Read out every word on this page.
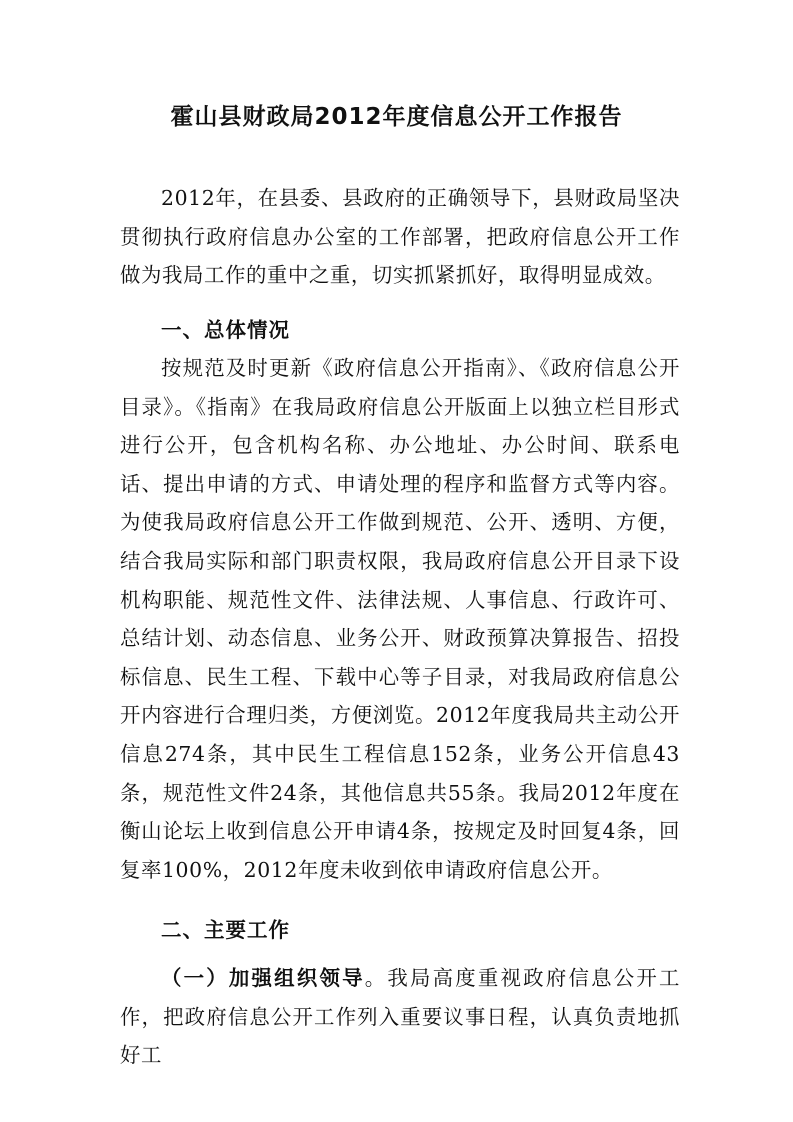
霍山县财政局2012年度信息公开工作报告

2012年，在县委、县政府的正确领导下，县财政局坚决贯彻执行政府信息办公室的工作部署，把政府信息公开工作做为我局工作的重中之重，切实抓紧抓好，取得明显成效。

一、总体情况

按规范及时更新《政府信息公开指南》、《政府信息公开目录》。《指南》在我局政府信息公开版面上以独立栏目形式进行公开，包含机构名称、办公地址、办公时间、联系电话、提出申请的方式、申请处理的程序和监督方式等内容。为使我局政府信息公开工作做到规范、公开、透明、方便，结合我局实际和部门职责权限，我局政府信息公开目录下设机构职能、规范性文件、法律法规、人事信息、行政许可、总结计划、动态信息、业务公开、财政预算决算报告、招投标信息、民生工程、下载中心等子目录，对我局政府信息公开内容进行合理归类，方便浏览。2012年度我局共主动公开信息274条，其中民生工程信息152条，业务公开信息43条，规范性文件24条，其他信息共55条。我局2012年度在衡山论坛上收到信息公开申请4条，按规定及时回复4条，回复率100%，2012年度未收到依申请政府信息公开。

二、主要工作

（一）加强组织领导。我局高度重视政府信息公开工作，把政府信息公开工作列入重要议事日程，认真负责地抓好工
